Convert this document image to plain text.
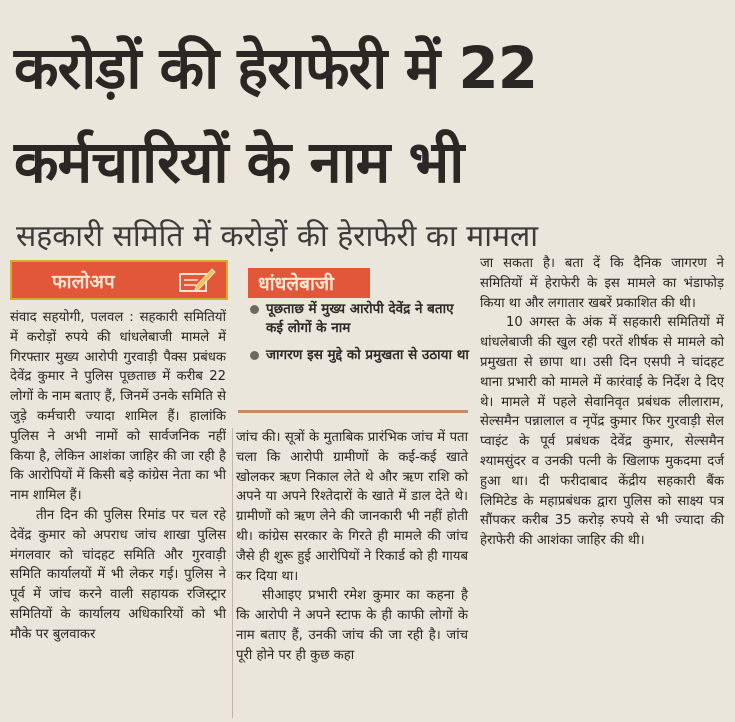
करोड़ों की हेराफेरी में 22
कर्मचारियों के नाम भी
सहकारी समिति में करोड़ों की हेराफेरी का मामला
फालोअप	धांधलेबाजी
पूछताछ में मुख्य आरोपी देवेंद्र ने बताए कई लोगों के नाम
जागरण इस मुद्दे को प्रमुखता से उठाया था

संवाद सहयोगी, पलवल : सहकारी समितियों में करोड़ों रुपये की धांधलेबाजी मामले में गिरफ्तार मुख्य आरोपी गुरवाड़ी पैक्स प्रबंधक देवेंद्र कुमार ने पुलिस पूछताछ में करीब 22 लोगों के नाम बताए हैं, जिनमें उनके समिति से जुड़े कर्मचारी ज्यादा शामिल हैं। हालांकि पुलिस ने अभी नामों को सार्वजनिक नहीं किया है, लेकिन आशंका जाहिर की जा रही है कि आरोपियों में किसी बड़े कांग्रेस नेता का भी नाम शामिल हैं।

तीन दिन की पुलिस रिमांड पर चल रहे देवेंद्र कुमार को अपराध जांच शाखा पुलिस मंगलवार को चांदहट समिति और गुरवाड़ी समिति कार्यालयों में भी लेकर गई। पुलिस ने पूर्व में जांच करने वाली सहायक रजिस्ट्रार समितियों के कार्यालय अधिकारियों को भी मौके पर बुलवाकर

जांच की। सूत्रों के मुताबिक प्रारंभिक जांच में पता चला कि आरोपी ग्रामीणों के कई-कई खाते खोलकर ऋण निकाल लेते थे और ऋण राशि को अपने या अपने रिश्तेदारों के खाते में डाल देते थे। ग्रामीणों को ऋण लेने की जानकारी भी नहीं होती थी। कांग्रेस सरकार के गिरते ही मामले की जांच जैसे ही शुरू हुई आरोपियों ने रिकार्ड को ही गायब कर दिया था।

सीआइए प्रभारी रमेश कुमार का कहना है कि आरोपी ने अपने स्टाफ के ही काफी लोगों के नाम बताए हैं, उनकी जांच की जा रही है। जांच पूरी होने पर ही कुछ कहा

जा सकता है। बता दें कि दैनिक जागरण ने समितियों में हेराफेरी के इस मामले का भंडाफोड़ किया था और लगातार खबरें प्रकाशित की थी।

10 अगस्त के अंक में सहकारी समितियों में धांधलेबाजी की खुल रही परतें शीर्षक से मामले को प्रमुखता से छापा था। उसी दिन एसपी ने चांदहट थाना प्रभारी को मामले में कारंवाई के निर्देश दे दिए थे। मामले में पहले सेवानिवृत प्रबंधक लीलाराम, सेल्समैन पन्नालाल व नृपेंद्र कुमार फिर गुरवाड़ी सेल प्वाइंट के पूर्व प्रबंधक देवेंद्र कुमार, सेल्समैन श्यामसुंदर व उनकी पत्नी के खिलाफ मुकदमा दर्ज हुआ था। दी फरीदाबाद केंद्रीय सहकारी बैंक लिमिटेड के महाप्रबंधक द्वारा पुलिस को साक्ष्य पत्र सौंपकर करीब 35 करोड़ रुपये से भी ज्यादा की हेराफेरी की आशंका जाहिर की थी।
